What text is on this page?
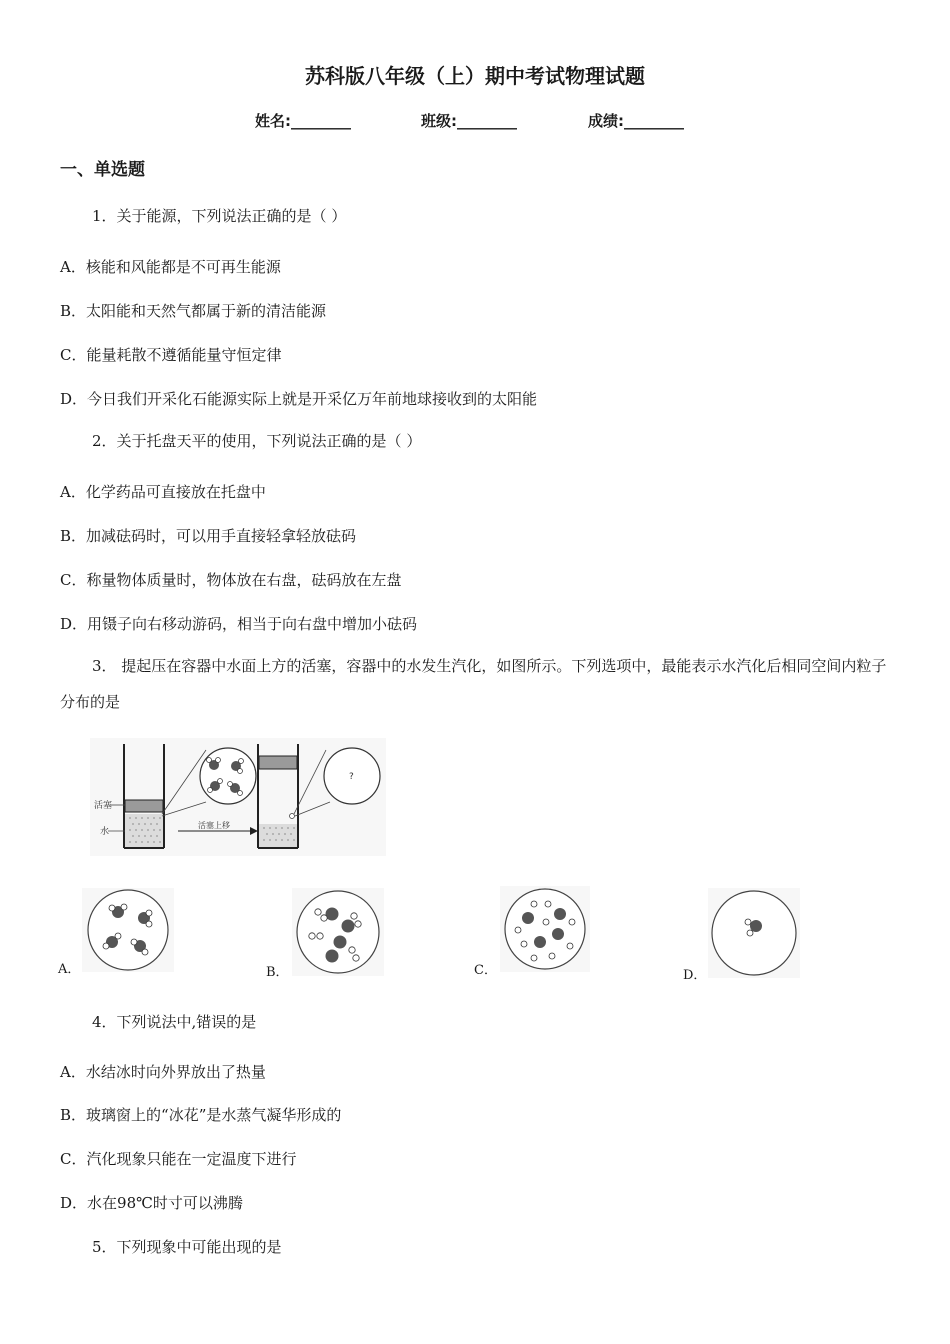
苏科版八年级（上）期中考试物理试题
姓名:________	班级:________	成绩:________
一、单选题
1．关于能源，下列说法正确的是（ ）
A．核能和风能都是不可再生能源
B．太阳能和天然气都属于新的清洁能源
C．能量耗散不遵循能量守恒定律
D．今日我们开采化石能源实际上就是开采亿万年前地球接收到的太阳能
2．关于托盘天平的使用，下列说法正确的是（ ）
A．化学药品可直接放在托盘中
B．加减砝码时，可以用手直接轻拿轻放砝码
C．称量物体质量时，物体放在右盘，砝码放在左盘
D．用镊子向右移动游码，相当于向右盘中增加小砝码
3． 提起压在容器中水面上方的活塞，容器中的水发生汽化，如图所示。下列选项中，最能表示水汽化后相同空间内粒子分布的是
活塞
水
活塞上移
?
A．	B．	C．	D．
4．下列说法中,错误的是
A．水结冰时向外界放出了热量
B．玻璃窗上的“冰花”是水蒸气凝华形成的
C．汽化现象只能在一定温度下进行
D．水在98℃时寸可以沸腾
5．下列现象中可能出现的是
